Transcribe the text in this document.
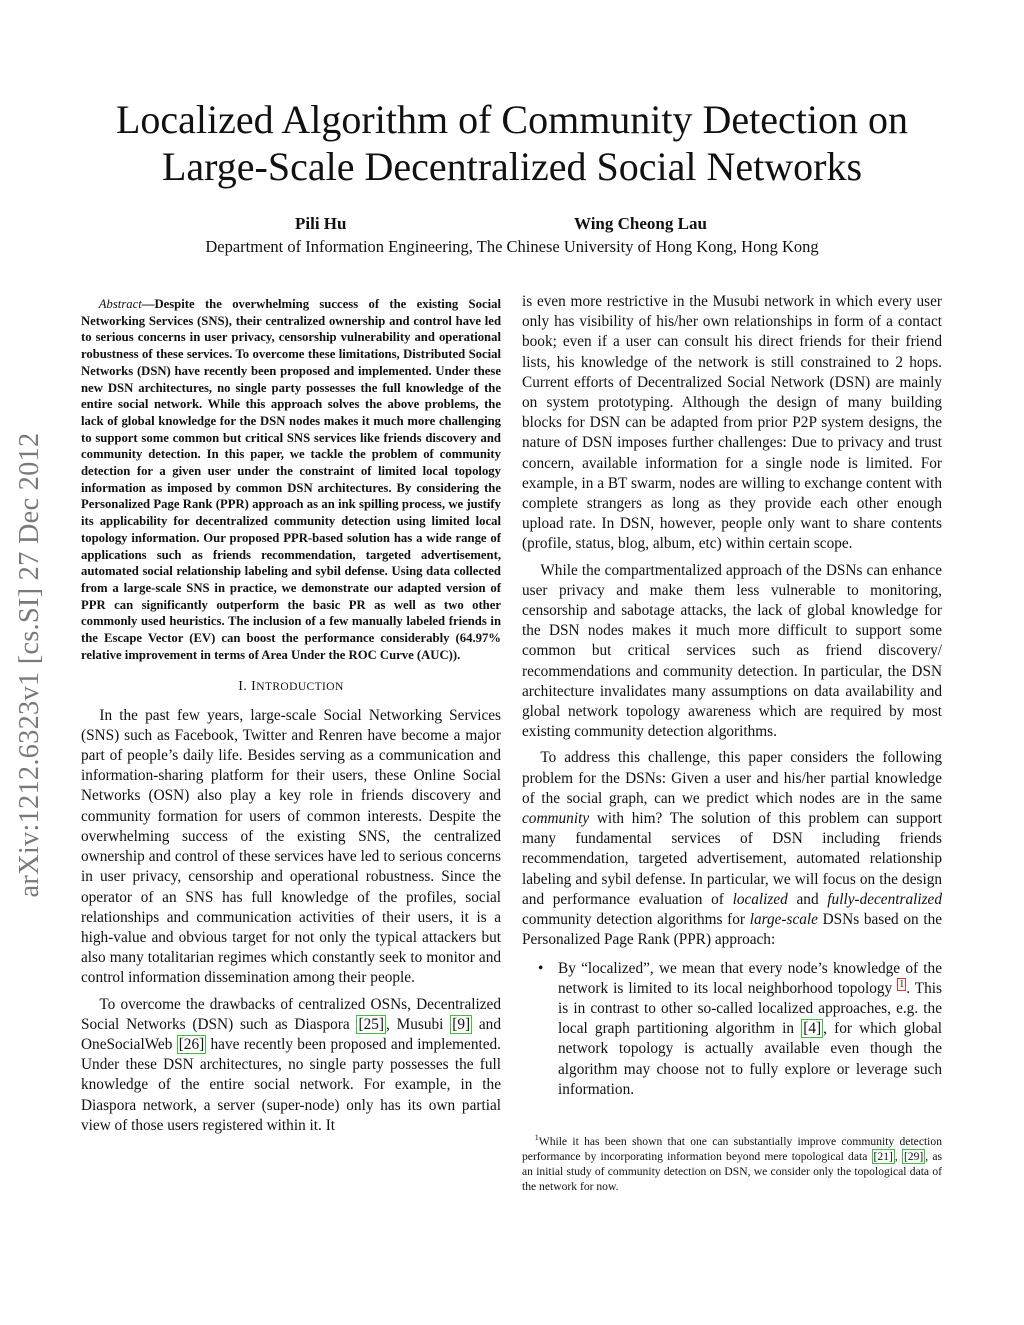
arXiv:1212.6323v1 [cs.SI] 27 Dec 2012
Localized Algorithm of Community Detection on
Large-Scale Decentralized Social Networks
Pili Hu	Wing Cheong Lau
Department of Information Engineering, The Chinese University of Hong Kong, Hong Kong

Abstract—Despite the overwhelming success of the existing Social Networking Services (SNS), their centralized ownership and control have led to serious concerns in user privacy, censorship vulnerability and operational robustness of these services. To overcome these limitations, Distributed Social Networks (DSN) have recently been proposed and implemented. Under these new DSN architectures, no single party possesses the full knowledge of the entire social network. While this approach solves the above problems, the lack of global knowledge for the DSN nodes makes it much more challenging to support some common but critical SNS services like friends discovery and community detection. In this paper, we tackle the problem of community detection for a given user under the constraint of limited local topology information as imposed by common DSN architectures. By considering the Personalized Page Rank (PPR) approach as an ink spilling process, we justify its applicability for decentralized community detection using limited local topology information. Our proposed PPR-based solution has a wide range of applications such as friends recommendation, targeted advertisement, automated social relationship labeling and sybil defense. Using data collected from a large-scale SNS in practice, we demonstrate our adapted version of PPR can significantly outperform the basic PR as well as two other commonly used heuristics. The inclusion of a few manually labeled friends in the Escape Vector (EV) can boost the performance considerably (64.97% relative improvement in terms of Area Under the ROC Curve (AUC)).

I. INTRODUCTION

In the past few years, large-scale Social Networking Services (SNS) such as Facebook, Twitter and Renren have become a major part of people’s daily life. Besides serving as a communication and information-sharing platform for their users, these Online Social Networks (OSN) also play a key role in friends discovery and community formation for users of common interests. Despite the overwhelming success of the existing SNS, the centralized ownership and control of these services have led to serious concerns in user privacy, censorship and operational robustness. Since the operator of an SNS has full knowledge of the profiles, social relationships and communication activities of their users, it is a high-value and obvious target for not only the typical attackers but also many totalitarian regimes which constantly seek to monitor and control information dissemination among their people.

To overcome the drawbacks of centralized OSNs, Decentralized Social Networks (DSN) such as Diaspora [25] , Musubi [9] and OneSocialWeb [26] have recently been proposed and implemented. Under these DSN architectures, no single party possesses the full knowledge of the entire social network. For example, in the Diaspora network, a server (super-node) only has its own partial view of those users registered within it. It

is even more restrictive in the Musubi network in which every user only has visibility of his/her own relationships in form of a contact book; even if a user can consult his direct friends for their friend lists, his knowledge of the network is still constrained to 2 hops. Current efforts of Decentralized Social Network (DSN) are mainly on system prototyping. Although the design of many building blocks for DSN can be adapted from prior P2P system designs, the nature of DSN imposes further challenges: Due to privacy and trust concern, available information for a single node is limited. For example, in a BT swarm, nodes are willing to exchange content with complete strangers as long as they provide each other enough upload rate. In DSN, however, people only want to share contents (profile, status, blog, album, etc) within certain scope.

While the compartmentalized approach of the DSNs can enhance user privacy and make them less vulnerable to monitoring, censorship and sabotage attacks, the lack of global knowledge for the DSN nodes makes it much more difficult to support some common but critical services such as friend discovery/ recommendations and community detection. In particular, the DSN architecture invalidates many assumptions on data availability and global network topology awareness which are required by most existing community detection algorithms.

To address this challenge, this paper considers the following problem for the DSNs: Given a user and his/her partial knowledge of the social graph, can we predict which nodes are in the same community with him? The solution of this problem can support many fundamental services of DSN including friends recommendation, targeted advertisement, automated relationship labeling and sybil defense. In particular, we will focus on the design and performance evaluation of localized and fully-decentralized community detection algorithms for large-scale DSNs based on the Personalized Page Rank (PPR) approach:

• By “localized”, we mean that every node’s knowledge of the network is limited to its local neighborhood topology $^1$ . This is in contrast to other so-called localized approaches, e.g. the local graph partitioning algorithm in [4] , for which global network topology is actually available even though the algorithm may choose not to fully explore or leverage such information.
$^1$While it has been shown that one can substantially improve community detection performance by incorporating information beyond mere topological data [21] , [29] , as an initial study of community detection on DSN, we consider only the topological data of the network for now.
